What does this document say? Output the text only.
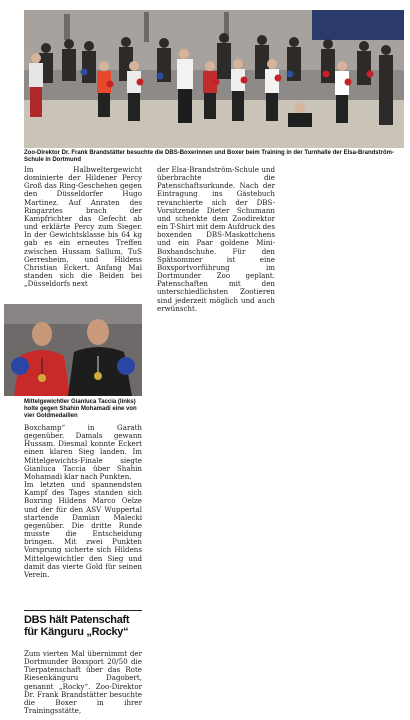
Zoo-Direktor Dr. Frank Brandstätter besuchte die DBS-Boxerinnen und Boxer beim Training in der Turnhalle der Elsa-Brandström-Schule in Dortmund
Im Halbweltergewicht dominierte der Hildener Percy Groß das Ring-Geschehen gegen den Düsseldorfer Hugo Martinez. Auf Anraten des Ringarztes brach der Kampfrichter das Gefecht ab und erklärte Percy zum Sieger. In der Gewichtsklasse bis 64 kg gab es ein erneutes Treffen zwischen Hussam Sallum, TuS Gerresheim, und Hildens Christian Eckert. Anfang Mai standen sich die Beiden bei „Düsseldorfs next
Mittelgewichtler Gianluca Taccia (links) holte gegen Shahin Mohamadi eine von vier Goldmedaillen

Boxchamp“ in Garath gegenüber. Damals gewann Hussam. Diesmal konnte Eckert einen klaren Sieg landen. Im Mittelgewichts-Finale siegte Gianluca Taccia über Shahin Mohamadi klar nach Punkten.

Im letzten und spannendsten Kampf des Tages standen sich Boxring Hildens Marco Oelze und der für den ASV Wuppertal startende Damian Malecki gegenüber. Die dritte Runde musste die Entscheidung bringen. Mit zwei Punkten Vorsprung sicherte sich Hildens Mittelgewichtler den Sieg und damit das vierte Gold für seinen Verein.

DBS hält Patenschaft für Känguru „Rocky“
Zum vierten Mal übernimmt der Dortmunder Boxsport 20/50 die Tierpatenschaft über das Rote Riesenkänguru Dagobert, genannt „Rocky“. Zoo-Direktor Dr. Frank Brandstätter besuchte die Boxer in ihrer Trainingsstätte,
der Elsa-Brandström-Schule und überbrachte die Patenschaftsurkunde. Nach der Eintragung ins Gästebuch revanchierte sich der DBS-Vorsitzende Dieter Schumann und schenkte dem Zoodirektor ein T-Shirt mit dem Aufdruck des boxenden DBS-Maskottchens und ein Paar goldene Mini-Boxhandschuhe. Für den Spätsommer ist eine Boxsportvorführung im Dortmunder Zoo geplant. Patenschaften mit den unterschiedlichsten Zootieren sind jederzeit möglich und auch erwünscht.
